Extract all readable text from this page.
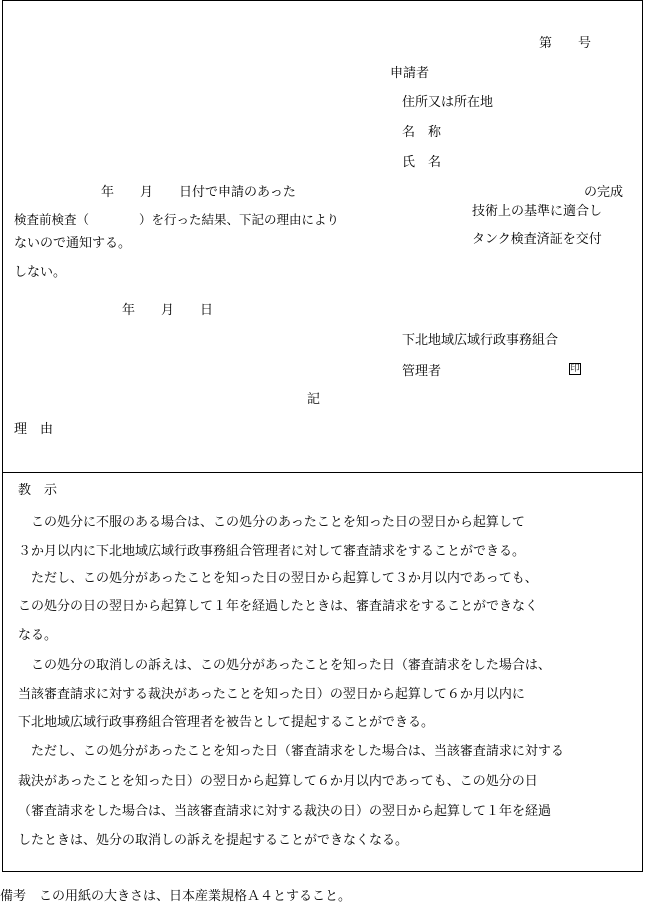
第　　号
申請者
住所又は所在地
名　称
氏　名
年　　月　　日付で申請のあった	の完成
技術上の基準に適合し
検査前検査（　　　　）を行った結果、下記の理由により
タンク検査済証を交付
ないので通知する。
しない。
年　　月　　日
下北地域広域行政事務組合
管理者	印
記
理　由
教　示
　この処分に不服のある場合は、この処分のあったことを知った日の翌日から起算して
３か月以内に下北地域広域行政事務組合管理者に対して審査請求をすることができる。
　ただし、この処分があったことを知った日の翌日から起算して３か月以内であっても、
この処分の日の翌日から起算して１年を経過したときは、審査請求をすることができなく
なる。
　この処分の取消しの訴えは、この処分があったことを知った日（審査請求をした場合は、
当該審査請求に対する裁決があったことを知った日）の翌日から起算して６か月以内に
下北地域広域行政事務組合管理者を被告として提起することができる。
　ただし、この処分があったことを知った日（審査請求をした場合は、当該審査請求に対する
裁決があったことを知った日）の翌日から起算して６か月以内であっても、この処分の日
（審査請求をした場合は、当該審査請求に対する裁決の日）の翌日から起算して１年を経過
したときは、処分の取消しの訴えを提起することができなくなる。
備考　この用紙の大きさは、日本産業規格Ａ４とすること。
